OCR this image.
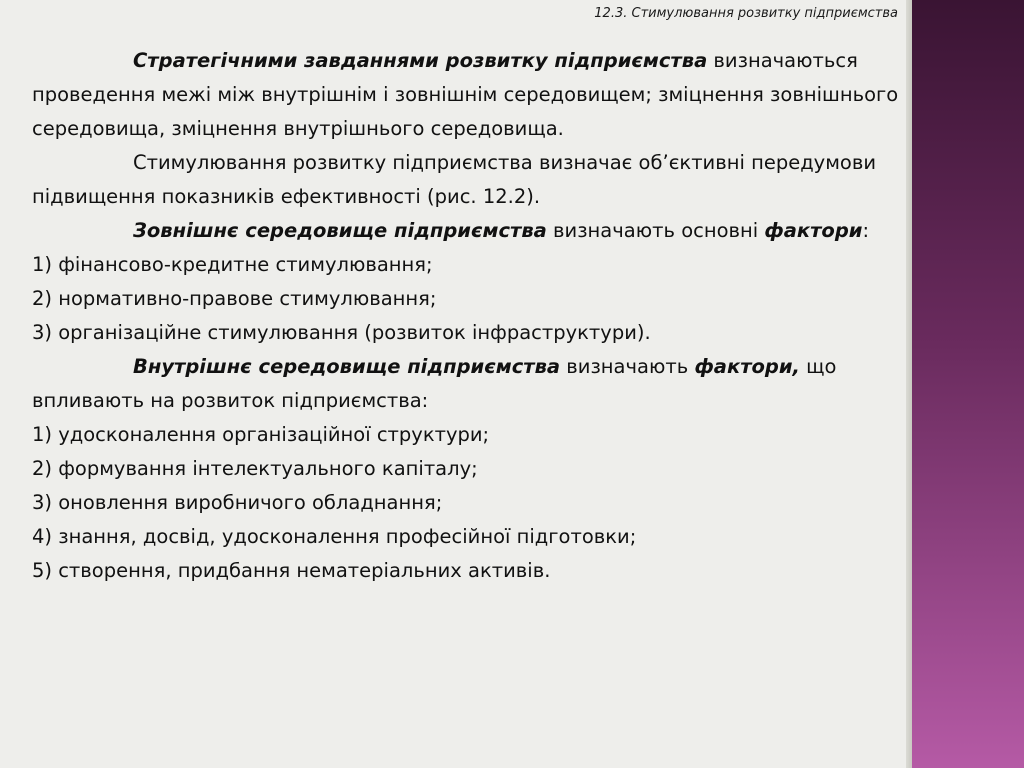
12.3. Стимулювання розвитку підприємства

Стратегічними завданнями розвитку підприємства визначаються проведення межі між внутрішнім і зовнішнім середовищем; зміцнення зовнішнього середовища, зміцнення внутрішнього середовища.

Стимулювання розвитку підприємства визначає об’єктивні передумови підвищення показників ефективності (рис. 12.2).

Зовнішнє середовище підприємства визначають основні фактори:

1) фінансово-кредитне стимулювання;

2) нормативно-правове стимулювання;

3) організаційне стимулювання (розвиток інфраструктури).

Внутрішнє середовище підприємства визначають фактори, що впливають на розвиток підприємства:

1) удосконалення організаційної структури;

2) формування інтелектуального капіталу;

3) оновлення виробничого обладнання;

4) знання, досвід, удосконалення професійної підготовки;

5) створення, придбання нематеріальних активів.
